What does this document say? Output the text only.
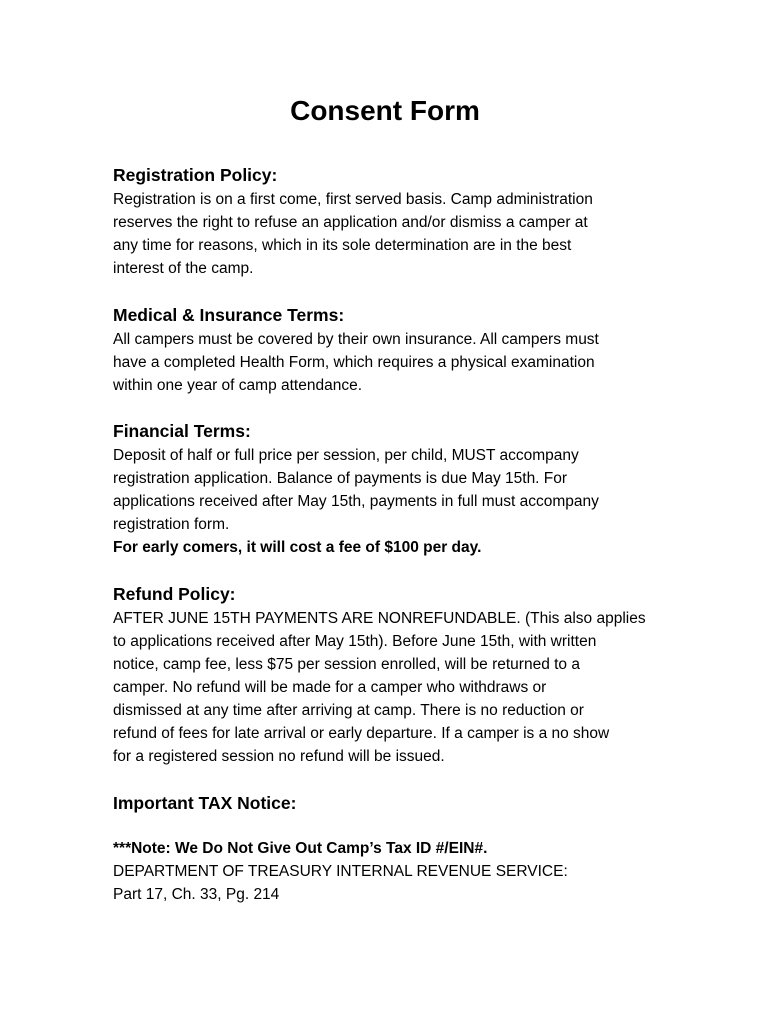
Consent Form
Registration Policy:

Registration is on a first come, first served basis. Camp administration
reserves the right to refuse an application and/or dismiss a camper at
any time for reasons, which in its sole determination are in the best
interest of the camp.

Medical & Insurance Terms:

All campers must be covered by their own insurance. All campers must
have a completed Health Form, which requires a physical examination
within one year of camp attendance.

Financial Terms:

Deposit of half or full price per session, per child, MUST accompany
registration application. Balance of payments is due May 15th. For
applications received after May 15th, payments in full must accompany
registration form.
For early comers, it will cost a fee of $100 per day.

Refund Policy:

AFTER JUNE 15TH PAYMENTS ARE NONREFUNDABLE. (This also applies
to applications received after May 15th). Before June 15th, with written
notice, camp fee, less $75 per session enrolled, will be returned to a
camper. No refund will be made for a camper who withdraws or
dismissed at any time after arriving at camp. There is no reduction or
refund of fees for late arrival or early departure. If a camper is a no show
for a registered session no refund will be issued.

Important TAX Notice:

***Note: We Do Not Give Out Camp’s Tax ID #/EIN#.
DEPARTMENT OF TREASURY INTERNAL REVENUE SERVICE:
Part 17, Ch. 33, Pg. 214
